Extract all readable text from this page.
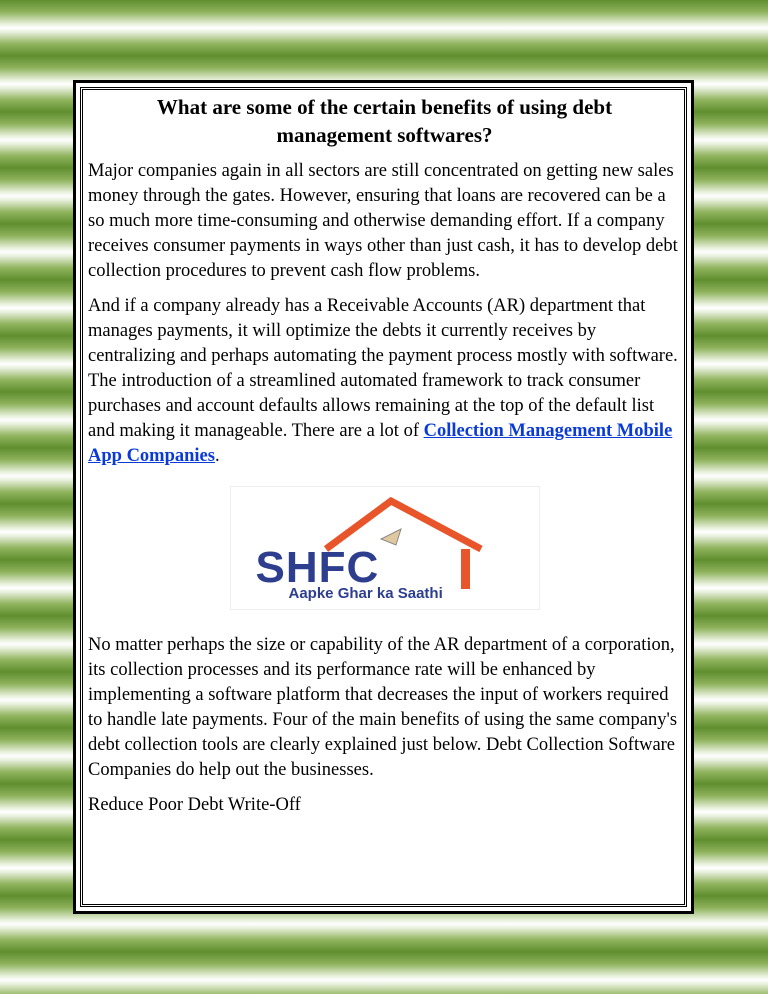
What are some of the certain benefits of using debt management softwares?

Major companies again in all sectors are still concentrated on getting new sales money through the gates. However, ensuring that loans are recovered can be a so much more time-consuming and otherwise demanding effort. If a company receives consumer payments in ways other than just cash, it has to develop debt collection procedures to prevent cash flow problems.

And if a company already has a Receivable Accounts (AR) department that manages payments, it will optimize the debts it currently receives by centralizing and perhaps automating the payment process mostly with software. The introduction of a streamlined automated framework to track consumer purchases and account defaults allows remaining at the top of the default list and making it manageable. There are a lot of Collection Management Mobile App Companies.

SHFC
Aapke Ghar ka Saathi

No matter perhaps the size or capability of the AR department of a corporation, its collection processes and its performance rate will be enhanced by implementing a software platform that decreases the input of workers required to handle late payments. Four of the main benefits of using the same company's debt collection tools are clearly explained just below. Debt Collection Software Companies do help out the businesses.

Reduce Poor Debt Write-Off
